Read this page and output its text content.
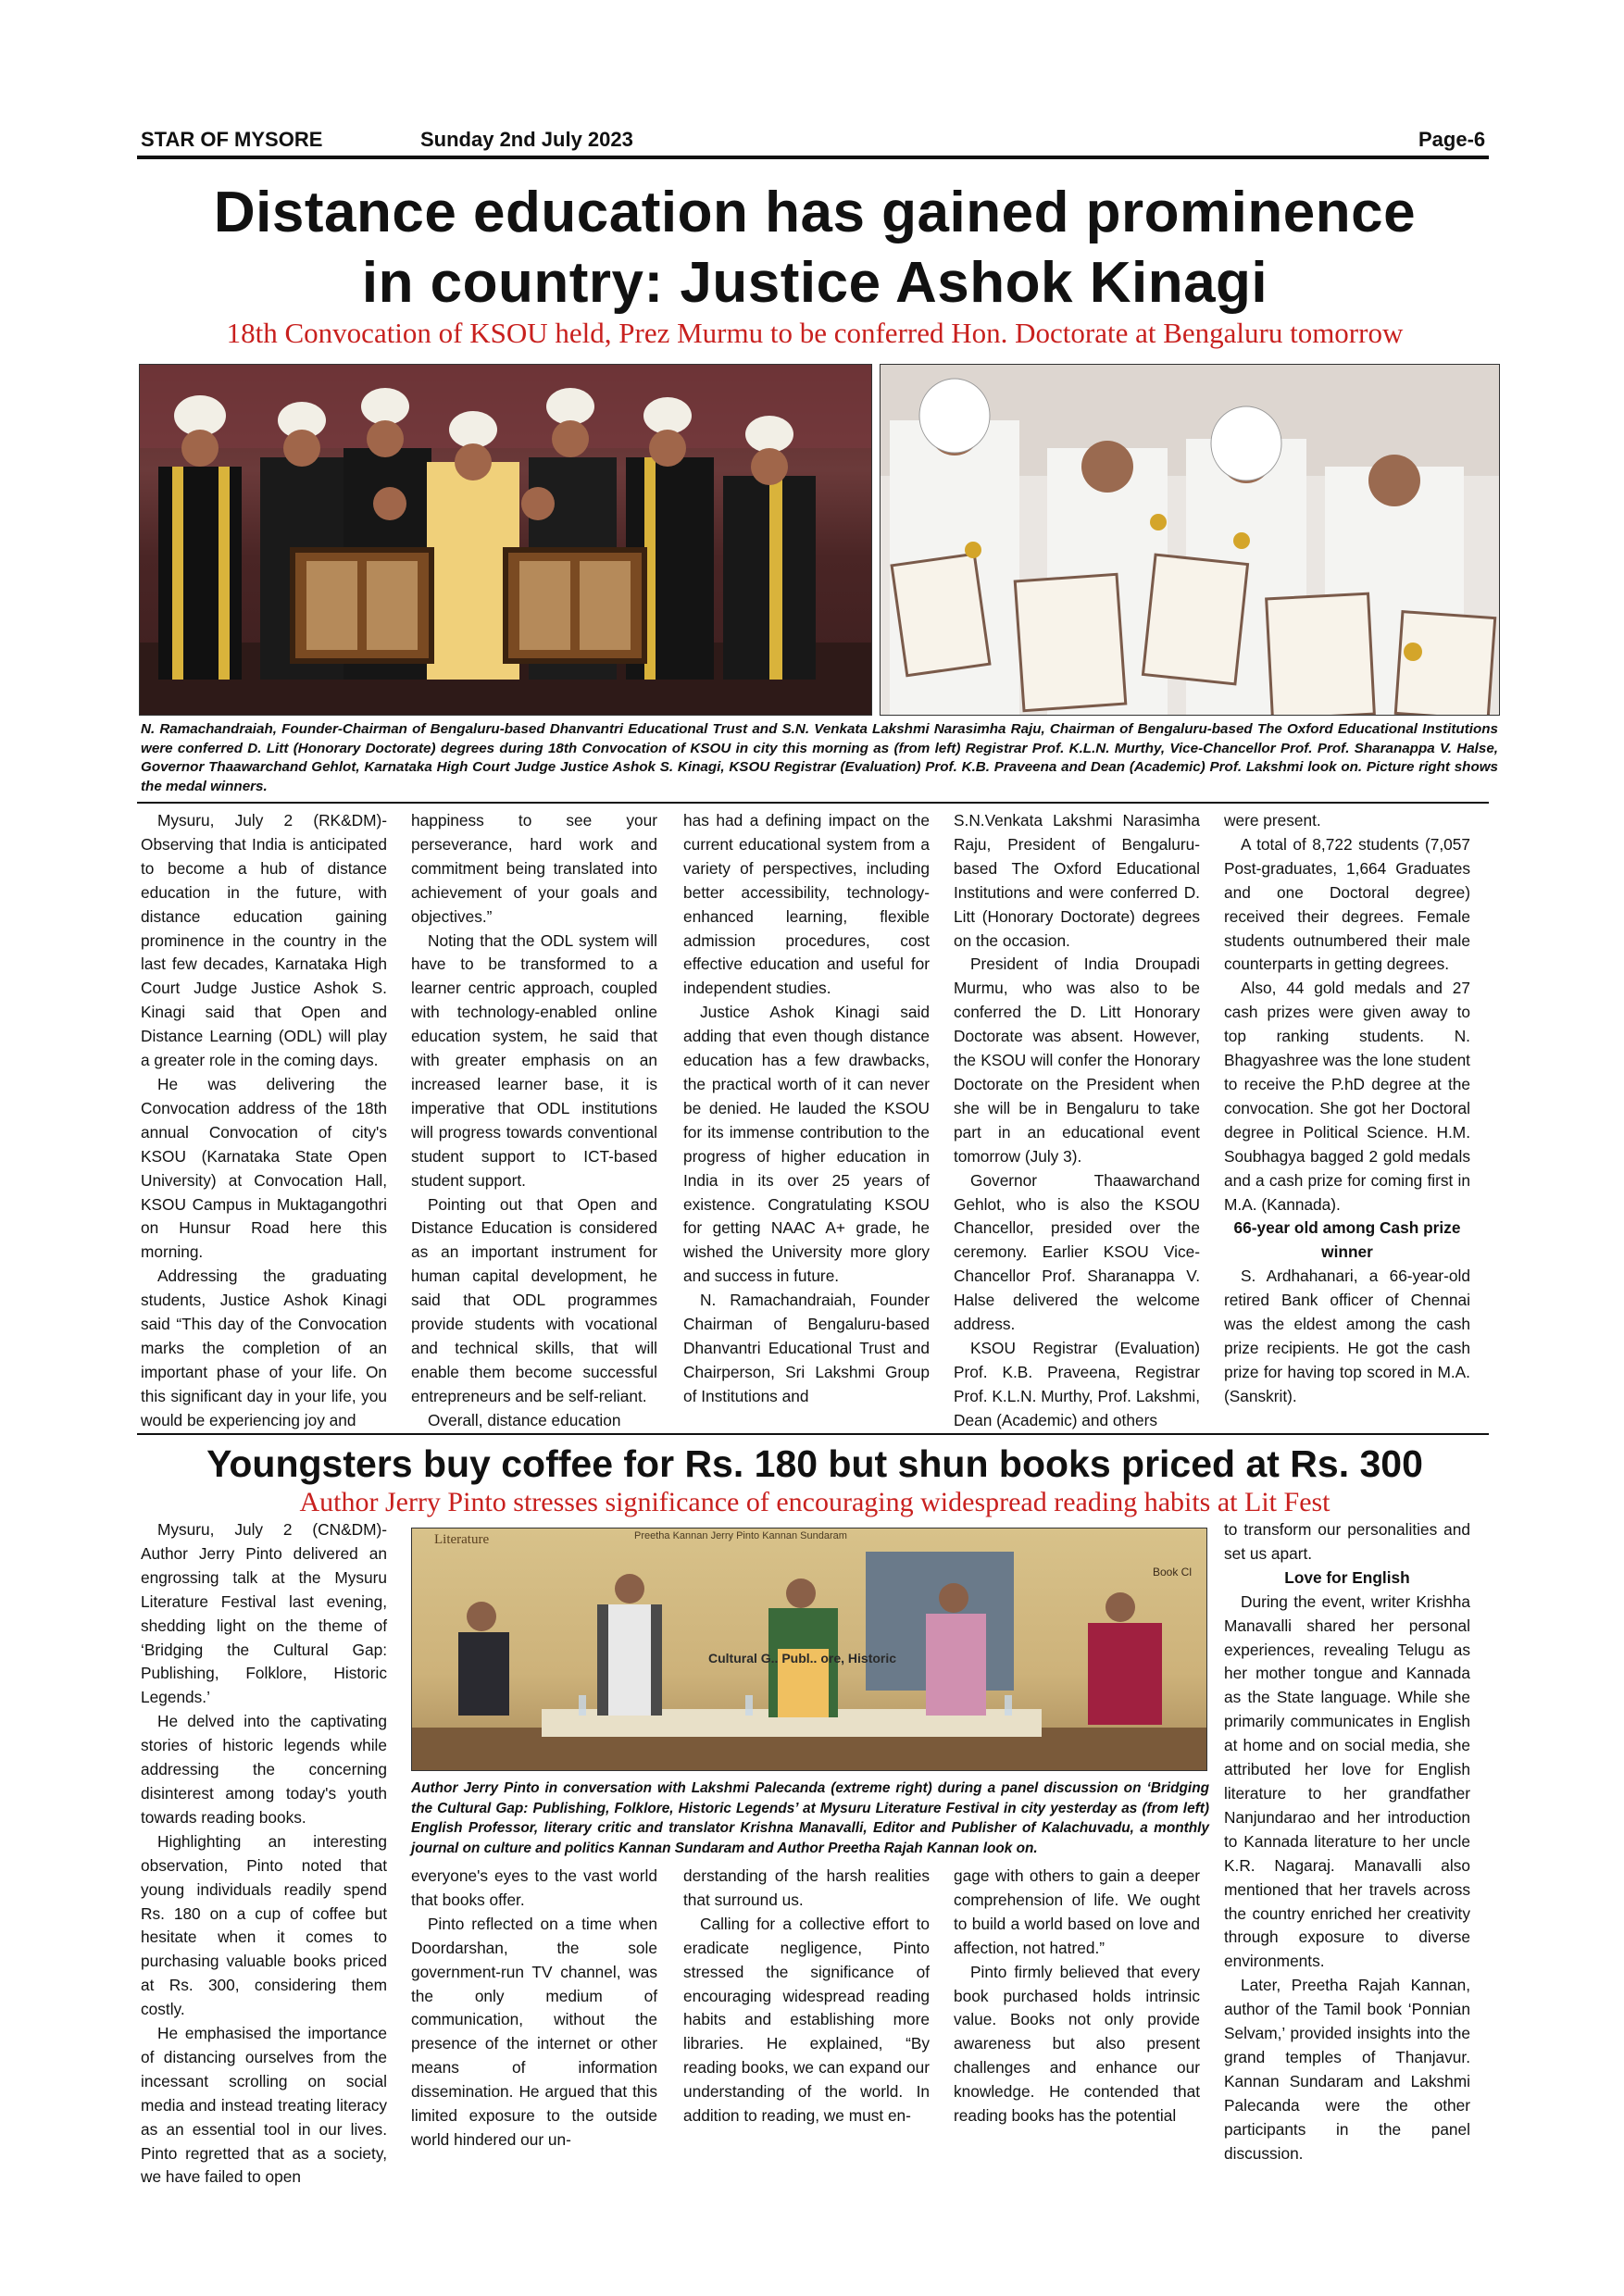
STAR OF MYSORE	Sunday 2nd July 2023	Page-6
Distance education has gained prominence
in country: Justice Ashok Kinagi
18th Convocation of KSOU held, Prez Murmu to be conferred Hon. Doctorate at Bengaluru tomorrow
N. Ramachandraiah, Founder-Chairman of Bengaluru-based Dhanvantri Educational Trust and S.N. Venkata Lakshmi Narasimha Raju, Chairman of Bengaluru-based The Oxford Educational Institutions were conferred D. Litt (Honorary Doctorate) degrees during 18th Convocation of KSOU in city this morning as (from left) Registrar Prof. K.L.N. Murthy, Vice-Chancellor Prof. Prof. Sharanappa V. Halse, Governor Thaawarchand Gehlot, Karnataka High Court Judge Justice Ashok S. Kinagi, KSOU Registrar (Evaluation) Prof. K.B. Praveena and Dean (Academic) Prof. Lakshmi look on. Picture right shows the medal winners.

Mysuru, July 2 (RK&DM)- Observing that India is anticipated to become a hub of distance education in the future, with distance education gaining prominence in the country in the last few decades, Karnataka High Court Judge Justice Ashok S. Kinagi said that Open and Distance Learning (ODL) will play a greater role in the coming days.

He was delivering the Convocation address of the 18th annual Convocation of city's KSOU (Karnataka State Open University) at Convocation Hall, KSOU Campus in Muktagangothri on Hunsur Road here this morning.

Addressing the graduating students, Justice Ashok Kinagi said “This day of the Convocation marks the completion of an important phase of your life. On this significant day in your life, you would be experiencing joy and

happiness to see your perseverance, hard work and commitment being translated into achievement of your goals and objectives.”

Noting that the ODL system will have to be transformed to a learner centric approach, coupled with technology-enabled online education system, he said that with greater emphasis on an increased learner base, it is imperative that ODL institutions will progress towards conventional student support to ICT-based student support.

Pointing out that Open and Distance Education is considered as an important instrument for human capital development, he said that ODL programmes provide students with vocational and technical skills, that will enable them become successful entrepreneurs and be self-reliant.

Overall, distance education

has had a defining impact on the current educational system from a variety of perspectives, including better accessibility, technology-enhanced learning, flexible admission procedures, cost effective education and useful for independent studies.

Justice Ashok Kinagi said adding that even though distance education has a few drawbacks, the practical worth of it can never be denied. He lauded the KSOU for its immense contribution to the progress of higher education in India in its over 25 years of existence. Congratulating KSOU for getting NAAC A+ grade, he wished the University more glory and success in future.

N. Ramachandraiah, Founder Chairman of Bengaluru-based Dhanvantri Educational Trust and Chairperson, Sri Lakshmi Group of Institutions and

S.N.Venkata Lakshmi Narasimha Raju, President of Bengaluru-based The Oxford Educational Institutions and were conferred D. Litt (Honorary Doctorate) degrees on the occasion.

President of India Droupadi Murmu, who was also to be conferred the D. Litt Honorary Doctorate was absent. However, the KSOU will confer the Honorary Doctorate on the President when she will be in Bengaluru to take part in an educational event tomorrow (July 3).

Governor Thaawarchand Gehlot, who is also the KSOU Chancellor, presided over the ceremony. Earlier KSOU Vice-Chancellor Prof. Sharanappa V. Halse delivered the welcome address.

KSOU Registrar (Evaluation) Prof. K.B. Praveena, Registrar Prof. K.L.N. Murthy, Prof. Lakshmi, Dean (Academic) and others

were present.

A total of 8,722 students (7,057 Post-graduates, 1,664 Graduates and one Doctoral degree) received their degrees. Female students outnumbered their male counterparts in getting degrees.

Also, 44 gold medals and 27 cash prizes were given away to top ranking students. N. Bhagyashree was the lone student to receive the P.hD degree at the convocation. She got her Doctoral degree in Political Science. H.M. Soubhagya bagged 2 gold medals and a cash prize for coming first in M.A. (Kannada).

66-year old among Cash prize winner

S. Ardhahanari, a 66-year-old retired Bank officer of Chennai was the eldest among the cash prize recipients. He got the cash prize for having top scored in M.A.(Sanskrit).

Youngsters buy coffee for Rs. 180 but shun books priced at Rs. 300
Author Jerry Pinto stresses significance of encouraging widespread reading habits at Lit Fest
Literature	Preetha Kannan Jerry Pinto Kannan Sundaram
Cultural G.. Publ.. ore, Historic
Book Cl
Author Jerry Pinto in conversation with Lakshmi Palecanda (extreme right) during a panel discussion on ‘Bridging the Cultural Gap: Publishing, Folklore, Historic Legends’ at Mysuru Literature Festival in city yesterday as (from left) English Professor, literary critic and translator Krishna Manavalli, Editor and Publisher of Kalachuvadu, a monthly journal on culture and politics Kannan Sundaram and Author Preetha Rajah Kannan look on.

Mysuru, July 2 (CN&DM)- Author Jerry Pinto delivered an engrossing talk at the Mysuru Literature Festival last evening, shedding light on the theme of ‘Bridging the Cultural Gap: Publishing, Folklore, Historic Legends.’

He delved into the captivating stories of historic legends while addressing the concerning disinterest among today's youth towards reading books.

Highlighting an interesting observation, Pinto noted that young individuals readily spend Rs. 180 on a cup of coffee but hesitate when it comes to purchasing valuable books priced at Rs. 300, considering them costly.

He emphasised the importance of distancing ourselves from the incessant scrolling on social media and instead treating literacy as an essential tool in our lives. Pinto regretted that as a society, we have failed to open

everyone's eyes to the vast world that books offer.

Pinto reflected on a time when Doordarshan, the sole government-run TV channel, was the only medium of communication, without the presence of the internet or other means of information dissemination. He argued that this limited exposure to the outside world hindered our un-

derstanding of the harsh realities that surround us.

Calling for a collective effort to eradicate negligence, Pinto stressed the significance of encouraging widespread reading habits and establishing more libraries. He explained, “By reading books, we can expand our understanding of the world. In addition to reading, we must en-

gage with others to gain a deeper comprehension of life. We ought to build a world based on love and affection, not hatred.”

Pinto firmly believed that every book purchased holds intrinsic value. Books not only provide awareness but also present challenges and enhance our knowledge. He contended that reading books has the potential

to transform our personalities and set us apart.

Love for English

During the event, writer Krishha Manavalli shared her personal experiences, revealing Telugu as her mother tongue and Kannada as the State language. While she primarily communicates in English at home and on social media, she attributed her love for English literature to her grandfather Nanjundarao and her introduction to Kannada literature to her uncle K.R. Nagaraj. Manavalli also mentioned that her travels across the country enriched her creativity through exposure to diverse environments.

Later, Preetha Rajah Kannan, author of the Tamil book ‘Ponnian Selvam,’ provided insights into the grand temples of Thanjavur. Kannan Sundaram and Lakshmi Palecanda were the other participants in the panel discussion.
